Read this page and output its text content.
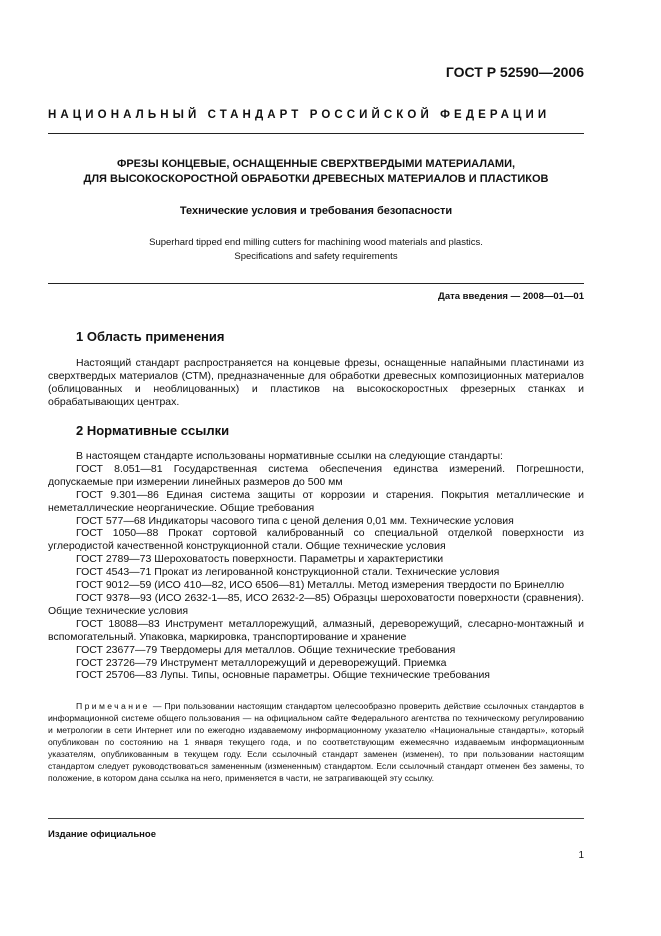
ГОСТ Р 52590—2006
НАЦИОНАЛЬНЫЙ СТАНДАРТ РОССИЙСКОЙ ФЕДЕРАЦИИ
ФРЕЗЫ КОНЦЕВЫЕ, ОСНАЩЕННЫЕ СВЕРХТВЕРДЫМИ МАТЕРИАЛАМИ,
ДЛЯ ВЫСОКОСКОРОСТНОЙ ОБРАБОТКИ ДРЕВЕСНЫХ МАТЕРИАЛОВ И ПЛАСТИКОВ
Технические условия и требования безопасности
Superhard tipped end milling cutters for machining wood materials and plastics.
Specifications and safety requirements
Дата введения — 2008—01—01
1 Область применения
Настоящий стандарт распространяется на концевые фрезы, оснащенные напайными пластинами из сверхтвердых материалов (СТМ), предназначенные для обработки древесных композиционных материалов (облицованных и необлицованных) и пластиков на высокоскоростных фрезерных станках и обрабатывающих центрах.
2 Нормативные ссылки
В настоящем стандарте использованы нормативные ссылки на следующие стандарты:
ГОСТ 8.051—81 Государственная система обеспечения единства измерений. Погрешности, допускаемые при измерении линейных размеров до 500 мм
ГОСТ 9.301—86 Единая система защиты от коррозии и старения. Покрытия металлические и неметаллические неорганические. Общие требования
ГОСТ 577—68 Индикаторы часового типа с ценой деления 0,01 мм. Технические условия
ГОСТ 1050—88 Прокат сортовой калиброванный со специальной отделкой поверхности из углеродистой качественной конструкционной стали. Общие технические условия
ГОСТ 2789—73 Шероховатость поверхности. Параметры и характеристики
ГОСТ 4543—71 Прокат из легированной конструкционной стали. Технические условия
ГОСТ 9012—59 (ИСО 410—82, ИСО 6506—81) Металлы. Метод измерения твердости по Бринеллю
ГОСТ 9378—93 (ИСО 2632-1—85, ИСО 2632-2—85) Образцы шероховатости поверхности (сравнения). Общие технические условия
ГОСТ 18088—83 Инструмент металлорежущий, алмазный, дереворежущий, слесарно-монтажный и вспомогательный. Упаковка, маркировка, транспортирование и хранение
ГОСТ 23677—79 Твердомеры для металлов. Общие технические требования
ГОСТ 23726—79 Инструмент металлорежущий и дереворежущий. Приемка
ГОСТ 25706—83 Лупы. Типы, основные параметры. Общие технические требования
Примечание — При пользовании настоящим стандартом целесообразно проверить действие ссылочных стандартов в информационной системе общего пользования — на официальном сайте Федерального агентства по техническому регулированию и метрологии в сети Интернет или по ежегодно издаваемому информационному указателю «Национальные стандарты», который опубликован по состоянию на 1 января текущего года, и по соответствующим ежемесячно издаваемым информационным указателям, опубликованным в текущем году. Если ссылочный стандарт заменен (изменен), то при пользовании настоящим стандартом следует руководствоваться замененным (измененным) стандартом. Если ссылочный стандарт отменен без замены, то положение, в котором дана ссылка на него, применяется в части, не затрагивающей эту ссылку.
Издание официальное
1
